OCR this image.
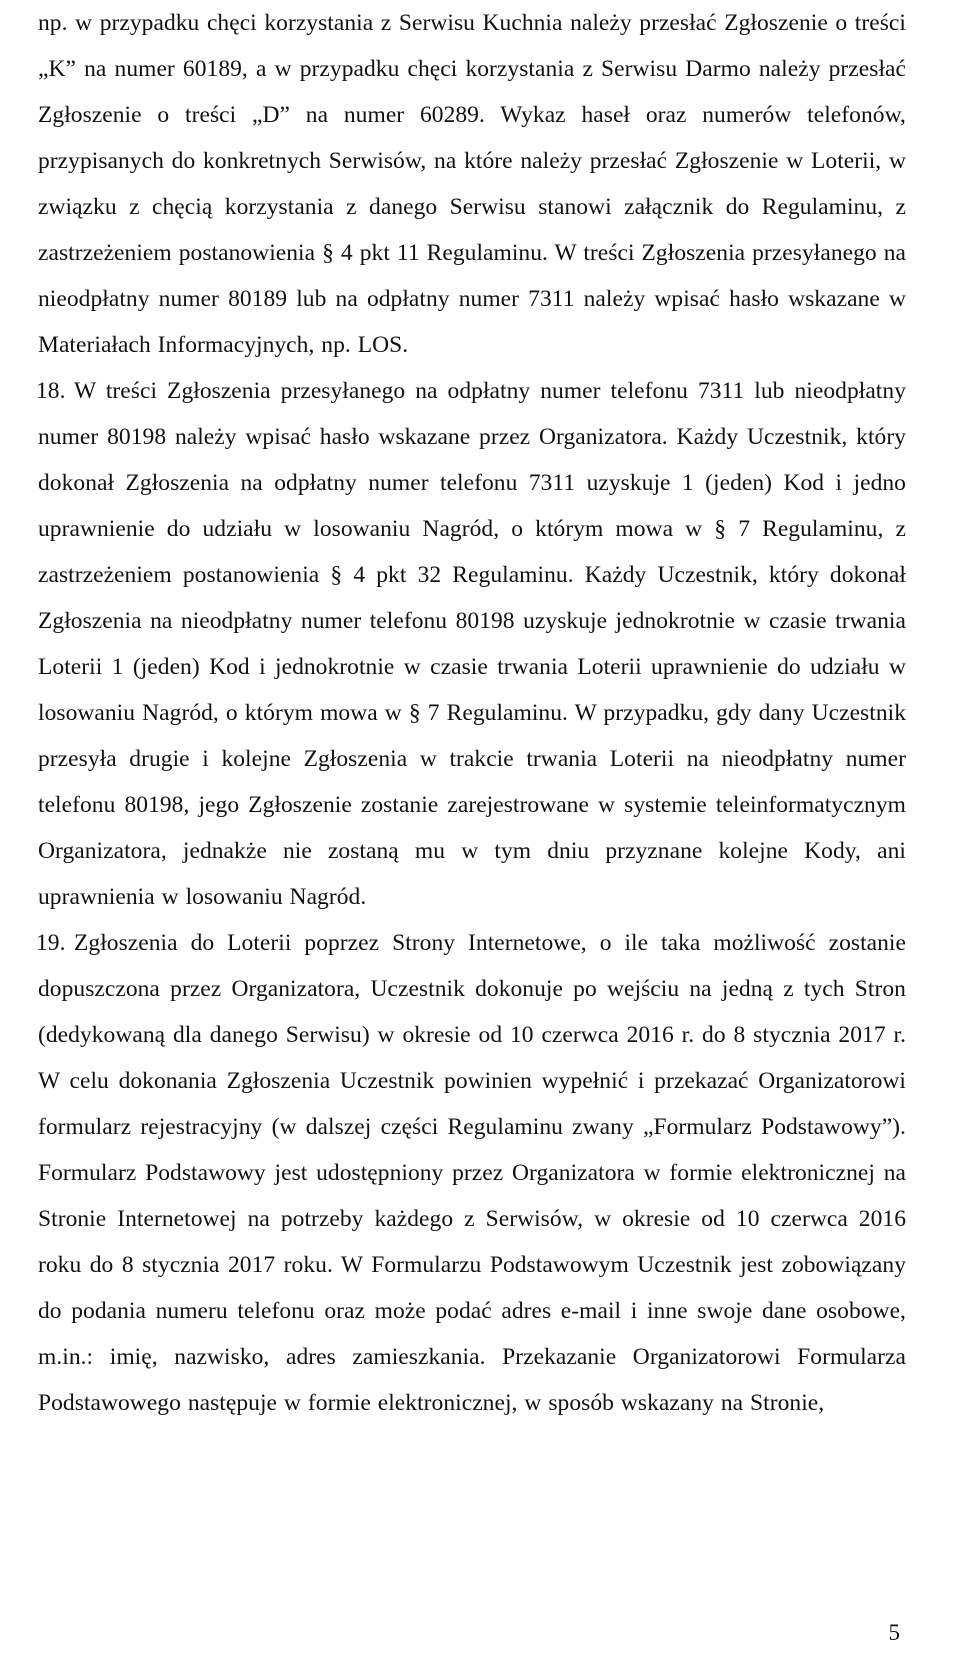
np. w przypadku chęci korzystania z Serwisu Kuchnia należy przesłać Zgłoszenie o treści „K” na numer 60189, a w przypadku chęci korzystania z Serwisu Darmo należy przesłać Zgłoszenie o treści „D” na numer 60289. Wykaz haseł oraz numerów telefonów, przypisanych do konkretnych Serwisów, na które należy przesłać Zgłoszenie w Loterii, w związku z chęcią korzystania z danego Serwisu stanowi załącznik do Regulaminu, z zastrzeżeniem postanowienia § 4 pkt 11 Regulaminu. W treści Zgłoszenia przesyłanego na nieodpłatny numer 80189 lub na odpłatny numer 7311 należy wpisać hasło wskazane w Materiałach Informacyjnych, np. LOS.

18. W treści Zgłoszenia przesyłanego na odpłatny numer telefonu 7311 lub nieodpłatny numer 80198 należy wpisać hasło wskazane przez Organizatora. Każdy Uczestnik, który dokonał Zgłoszenia na odpłatny numer telefonu 7311 uzyskuje 1 (jeden) Kod i jedno uprawnienie do udziału w losowaniu Nagród, o którym mowa w § 7 Regulaminu, z zastrzeżeniem postanowienia § 4 pkt 32 Regulaminu. Każdy Uczestnik, który dokonał Zgłoszenia na nieodpłatny numer telefonu 80198 uzyskuje jednokrotnie w czasie trwania Loterii 1 (jeden) Kod i jednokrotnie w czasie trwania Loterii uprawnienie do udziału w losowaniu Nagród, o którym mowa w § 7 Regulaminu. W przypadku, gdy dany Uczestnik przesyła drugie i kolejne Zgłoszenia w trakcie trwania Loterii na nieodpłatny numer telefonu 80198, jego Zgłoszenie zostanie zarejestrowane w systemie teleinformatycznym Organizatora, jednakże nie zostaną mu w tym dniu przyznane kolejne Kody, ani uprawnienia w losowaniu Nagród.
19. Zgłoszenia do Loterii poprzez Strony Internetowe, o ile taka możliwość zostanie dopuszczona przez Organizatora, Uczestnik dokonuje po wejściu na jedną z tych Stron (dedykowaną dla danego Serwisu) w okresie od 10 czerwca 2016 r. do 8 stycznia 2017 r. W celu dokonania Zgłoszenia Uczestnik powinien wypełnić i przekazać Organizatorowi formularz rejestracyjny (w dalszej części Regulaminu zwany „Formularz Podstawowy”). Formularz Podstawowy jest udostępniony przez Organizatora w formie elektronicznej na Stronie Internetowej na potrzeby każdego z Serwisów, w okresie od 10 czerwca 2016 roku do 8 stycznia 2017 roku. W Formularzu Podstawowym Uczestnik jest zobowiązany do podania numeru telefonu oraz może podać adres e-mail i inne swoje dane osobowe, m.in.: imię, nazwisko, adres zamieszkania. Przekazanie Organizatorowi Formularza Podstawowego następuje w formie elektronicznej, w sposób wskazany na Stronie,
5
